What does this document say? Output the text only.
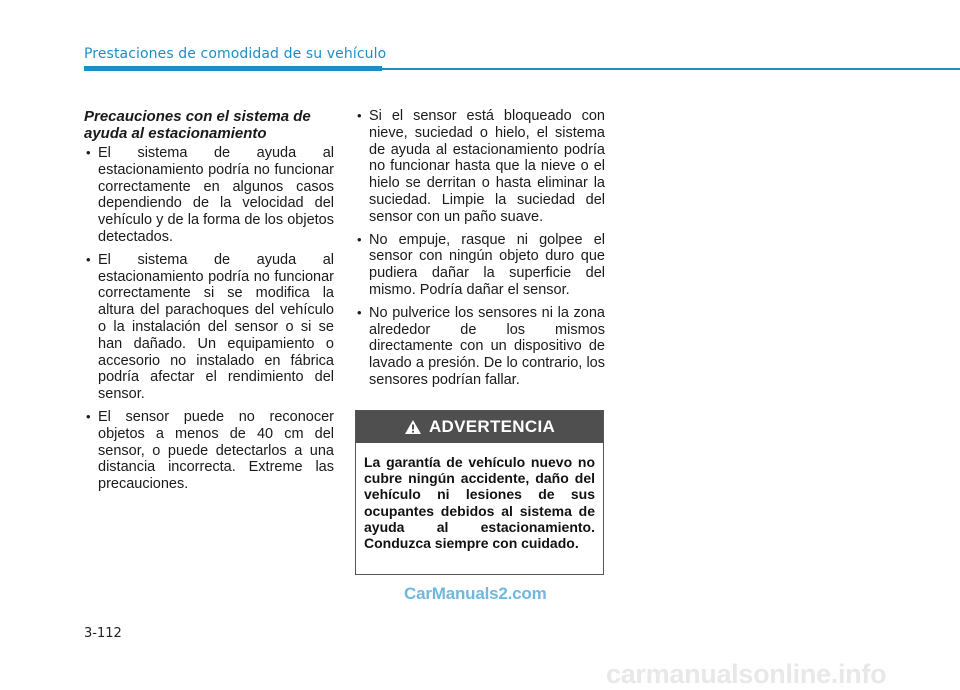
Prestaciones de comodidad de su vehículo

Precauciones con el sistema de ayuda al estacionamiento

• El sistema de ayuda al estacionamiento podría no funcionar correctamente en algunos casos dependiendo de la velocidad del vehículo y de la forma de los objetos detectados.
• El sistema de ayuda al estacionamiento podría no funcionar correctamente si se modifica la altura del parachoques del vehículo o la instalación del sensor o si se han dañado. Un equipamiento o accesorio no instalado en fábrica podría afectar el rendimiento del sensor.
• El sensor puede no reconocer objetos a menos de 40 cm del sensor, o puede detectarlos a una distancia incorrecta. Extreme las precauciones.
• Si el sensor está bloqueado con nieve, suciedad o hielo, el sistema de ayuda al estacionamiento podría no funcionar hasta que la nieve o el hielo se derritan o hasta eliminar la suciedad. Limpie la suciedad del sensor con un paño suave.
• No empuje, rasque ni golpee el sensor con ningún objeto duro que pudiera dañar la superficie del mismo. Podría dañar el sensor.
• No pulverice los sensores ni la zona alrededor de los mismos directamente con un dispositivo de lavado a presión. De lo contrario, los sensores podrían fallar.
ADVERTENCIA
La garantía de vehículo nuevo no cubre ningún accidente, daño del vehículo ni lesiones de sus ocupantes debidos al sistema de ayuda al estacionamiento. Conduzca siempre con cuidado.
CarManuals2.com
3-112
carmanualsonline.info
